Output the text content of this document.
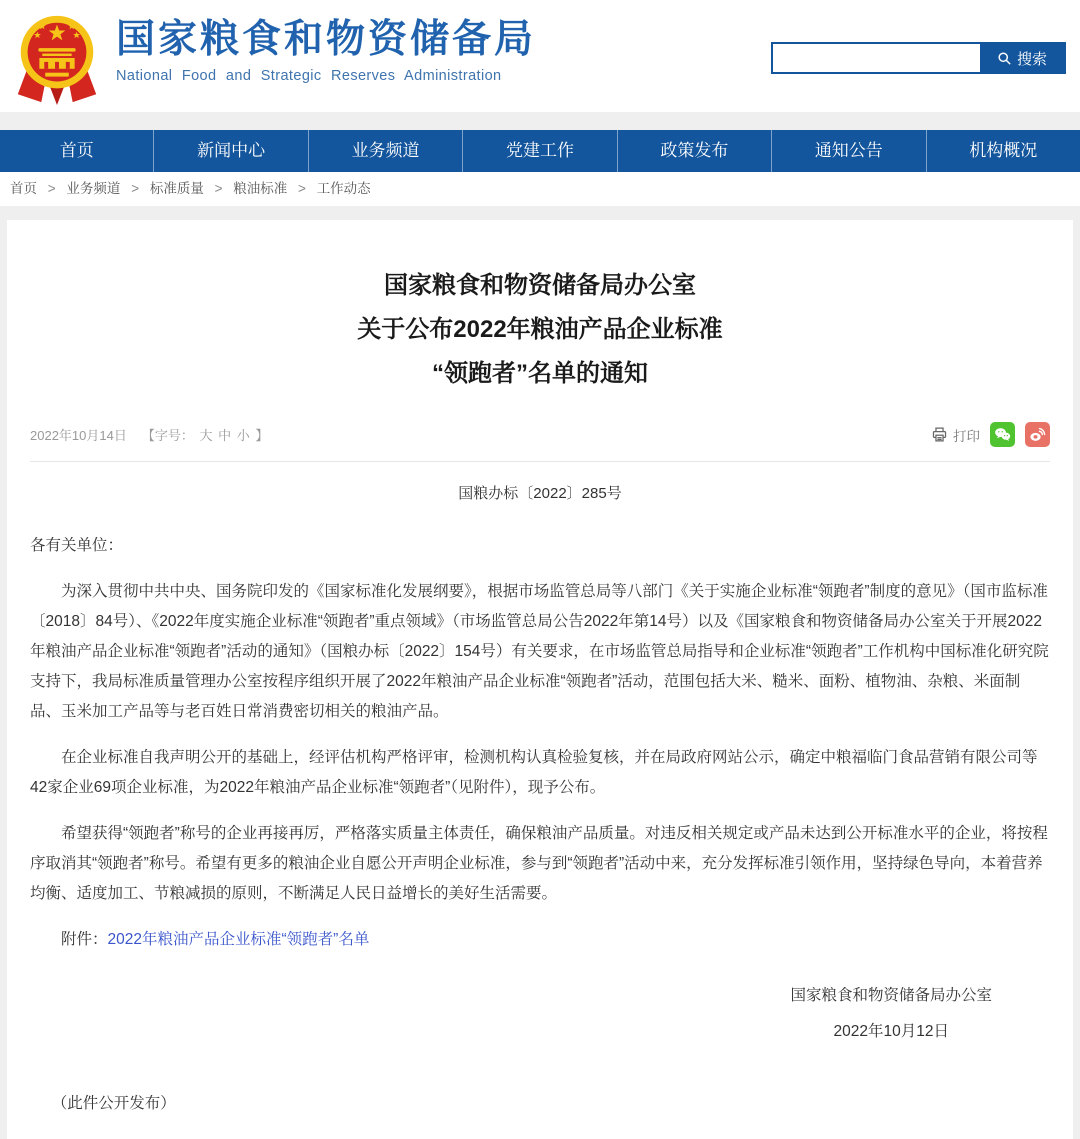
国家粮食和物资储备局
National Food and Strategic Reserves Administration
搜索
首页	新闻中心	业务频道	党建工作	政策发布	通知公告	机构概况
首页 > 业务频道 > 标准质量 > 粮油标准 > 工作动态
国家粮食和物资储备局办公室
关于公布2022年粮油产品企业标准
“领跑者”名单的通知
2022年10月14日 【字号： 大 中 小 】	打印
国粮办标〔2022〕285号

各有关单位：

为深入贯彻中共中央、国务院印发的《国家标准化发展纲要》，根据市场监管总局等八部门《关于实施企业标准“领跑者”制度的意见》（国市监标准〔2018〕84号）、《2022年度实施企业标准“领跑者”重点领域》（市场监管总局公告2022年第14号）以及《国家粮食和物资储备局办公室关于开展2022年粮油产品企业标准“领跑者”活动的通知》（国粮办标〔2022〕154号）有关要求，在市场监管总局指导和企业标准“领跑者”工作机构中国标准化研究院支持下，我局标准质量管理办公室按程序组织开展了2022年粮油产品企业标准“领跑者”活动，范围包括大米、糙米、面粉、植物油、杂粮、米面制品、玉米加工产品等与老百姓日常消费密切相关的粮油产品。

在企业标准自我声明公开的基础上，经评估机构严格评审，检测机构认真检验复核，并在局政府网站公示，确定中粮福临门食品营销有限公司等42家企业69项企业标准，为2022年粮油产品企业标准“领跑者”（见附件），现予公布。

希望获得“领跑者”称号的企业再接再厉，严格落实质量主体责任，确保粮油产品质量。对违反相关规定或产品未达到公开标准水平的企业，将按程序取消其“领跑者”称号。希望有更多的粮油企业自愿公开声明企业标准，参与到“领跑者”活动中来，充分发挥标准引领作用，坚持绿色导向，本着营养均衡、适度加工、节粮减损的原则，不断满足人民日益增长的美好生活需要。

附件：2022年粮油产品企业标准“领跑者”名单

国家粮食和物资储备局办公室
2022年10月12日

（此件公开发布）
